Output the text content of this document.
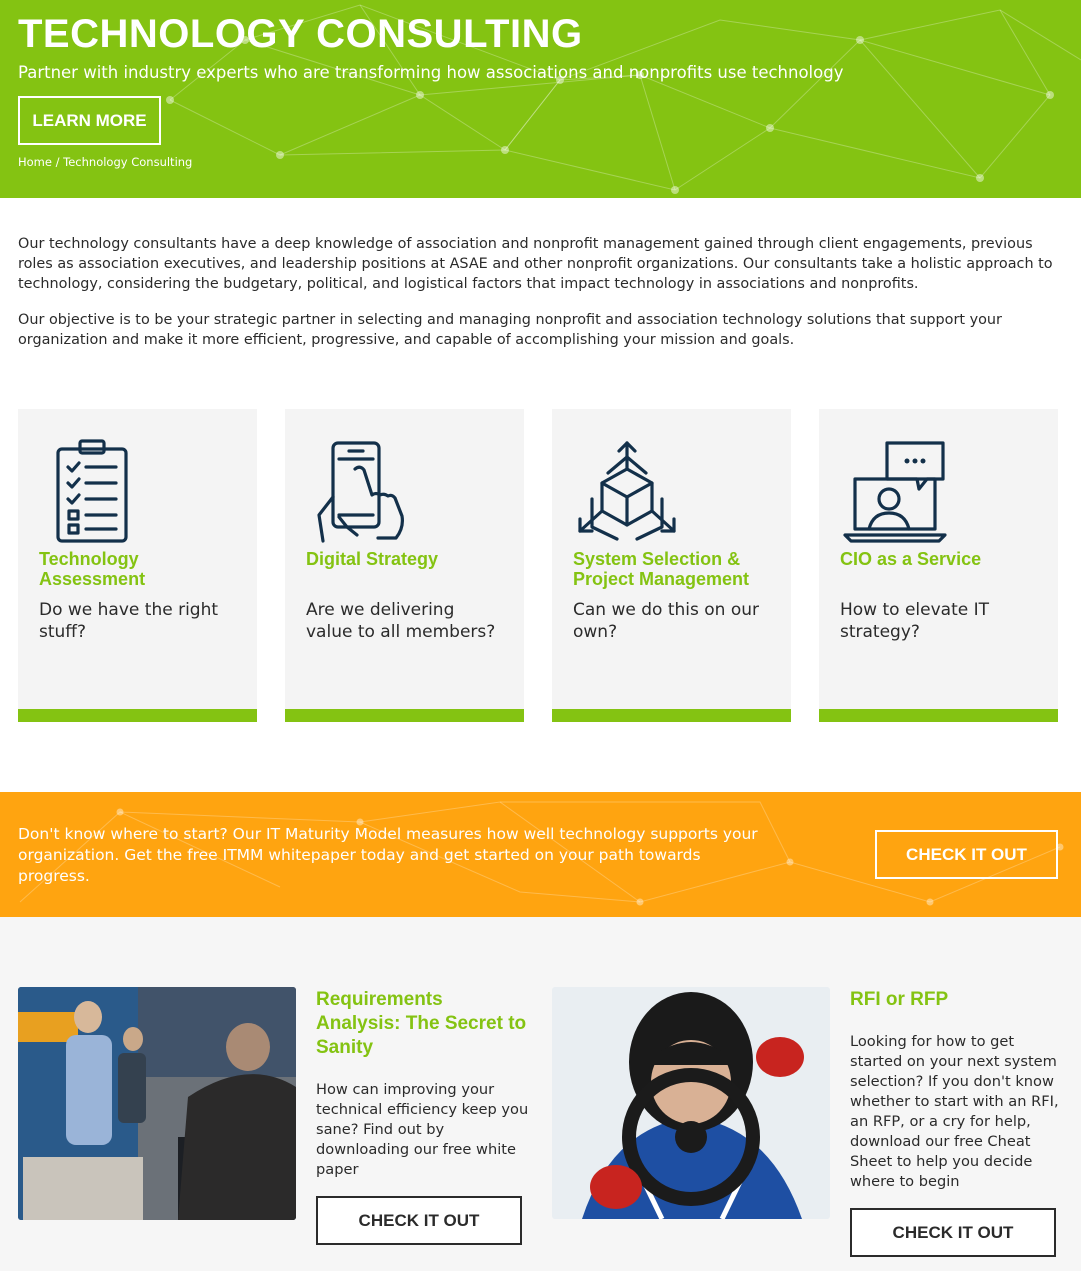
TECHNOLOGY CONSULTING

Partner with industry experts who are transforming how associations and nonprofits use technology

LEARN MORE
Home / Technology Consulting

Our technology consultants have a deep knowledge of association and nonprofit management gained through client engagements, previous roles as association executives, and leadership positions at ASAE and other nonprofit organizations. Our consultants take a holistic approach to technology, considering the budgetary, political, and logistical factors that impact technology in associations and nonprofits.

Our objective is to be your strategic partner in selecting and managing nonprofit and association technology solutions that support your organization and make it more efficient, progressive, and capable of accomplishing your mission and goals.

Technology Assessment
Do we have the right stuff?
Digital Strategy
Are we delivering value to all members?
System Selection & Project Management
Can we do this on our own?
CIO as a Service
How to elevate IT strategy?

Don't know where to start? Our IT Maturity Model measures how well technology supports your organization. Get the free ITMM whitepaper today and get started on your path towards progress.

CHECK IT OUT
Requirements Analysis: The Secret to Sanity

How can improving your technical efficiency keep you sane? Find out by downloading our free white paper

CHECK IT OUT
RFI or RFP

Looking for how to get started on your next system selection? If you don't know whether to start with an RFI, an RFP, or a cry for help, download our free Cheat Sheet to help you decide where to begin

CHECK IT OUT
